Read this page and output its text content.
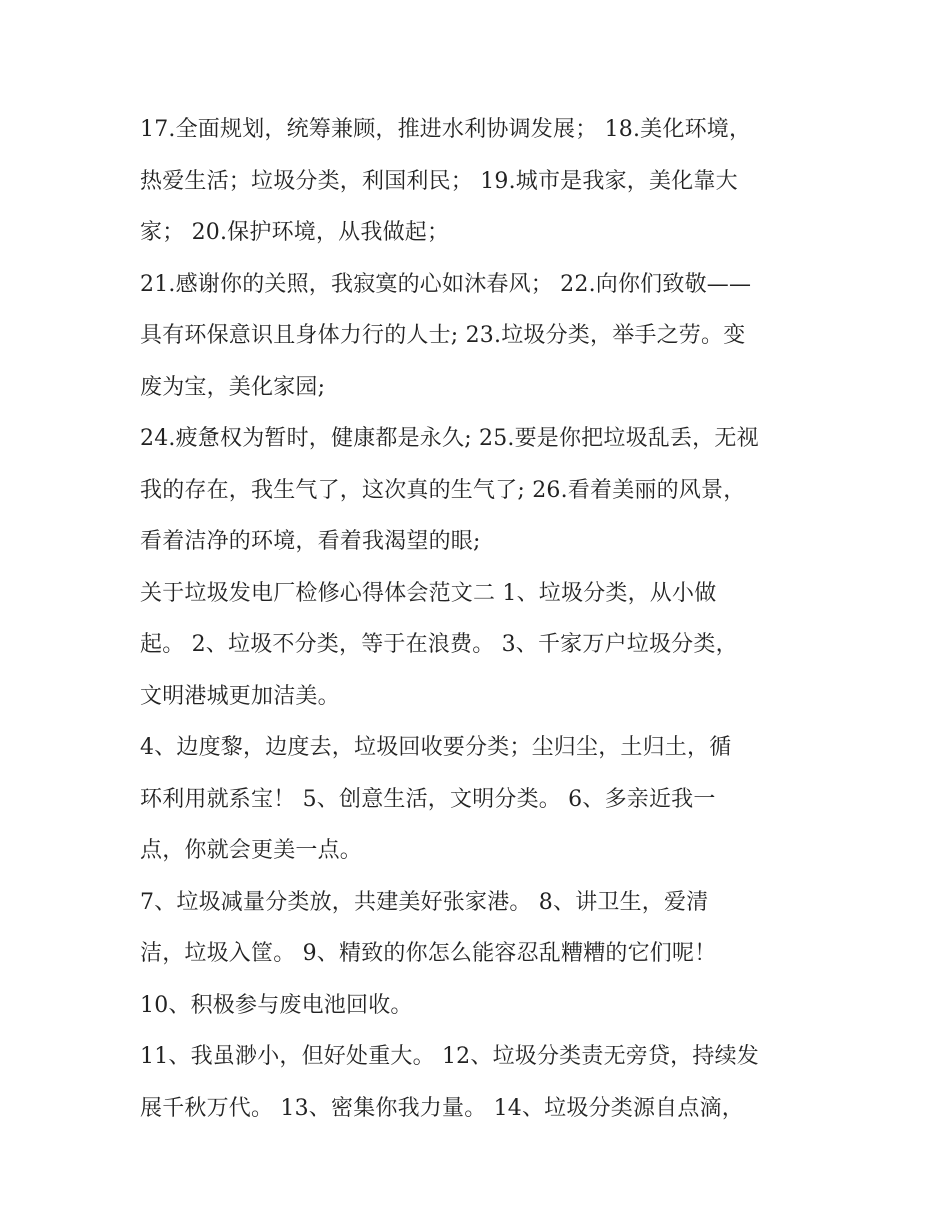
17.全面规划，统筹兼顾，推进水利协调发展； 18.美化环境，
热爱生活；垃圾分类，利国利民； 19.城市是我家，美化靠大
家； 20.保护环境，从我做起；
21.感谢你的关照，我寂寞的心如沐春风； 22.向你们致敬——
具有环保意识且身体力行的人士; 23.垃圾分类，举手之劳。变
废为宝，美化家园;
24.疲惫权为暂时，健康都是永久; 25.要是你把垃圾乱丢，无视
我的存在，我生气了，这次真的生气了; 26.看着美丽的风景，
看着洁净的环境，看着我渴望的眼;
关于垃圾发电厂检修心得体会范文二 1、垃圾分类，从小做
起。 2、垃圾不分类，等于在浪费。 3、千家万户垃圾分类，
文明港城更加洁美。
4、边度黎，边度去，垃圾回收要分类；尘归尘，土归土，循
环利用就系宝！ 5、创意生活，文明分类。 6、多亲近我一
点，你就会更美一点。
7、垃圾减量分类放，共建美好张家港。 8、讲卫生，爱清
洁，垃圾入筐。 9、精致的你怎么能容忍乱糟糟的它们呢！
10、积极参与废电池回收。
11、我虽渺小，但好处重大。 12、垃圾分类责无旁贷，持续发
展千秋万代。 13、密集你我力量。 14、垃圾分类源自点滴，
